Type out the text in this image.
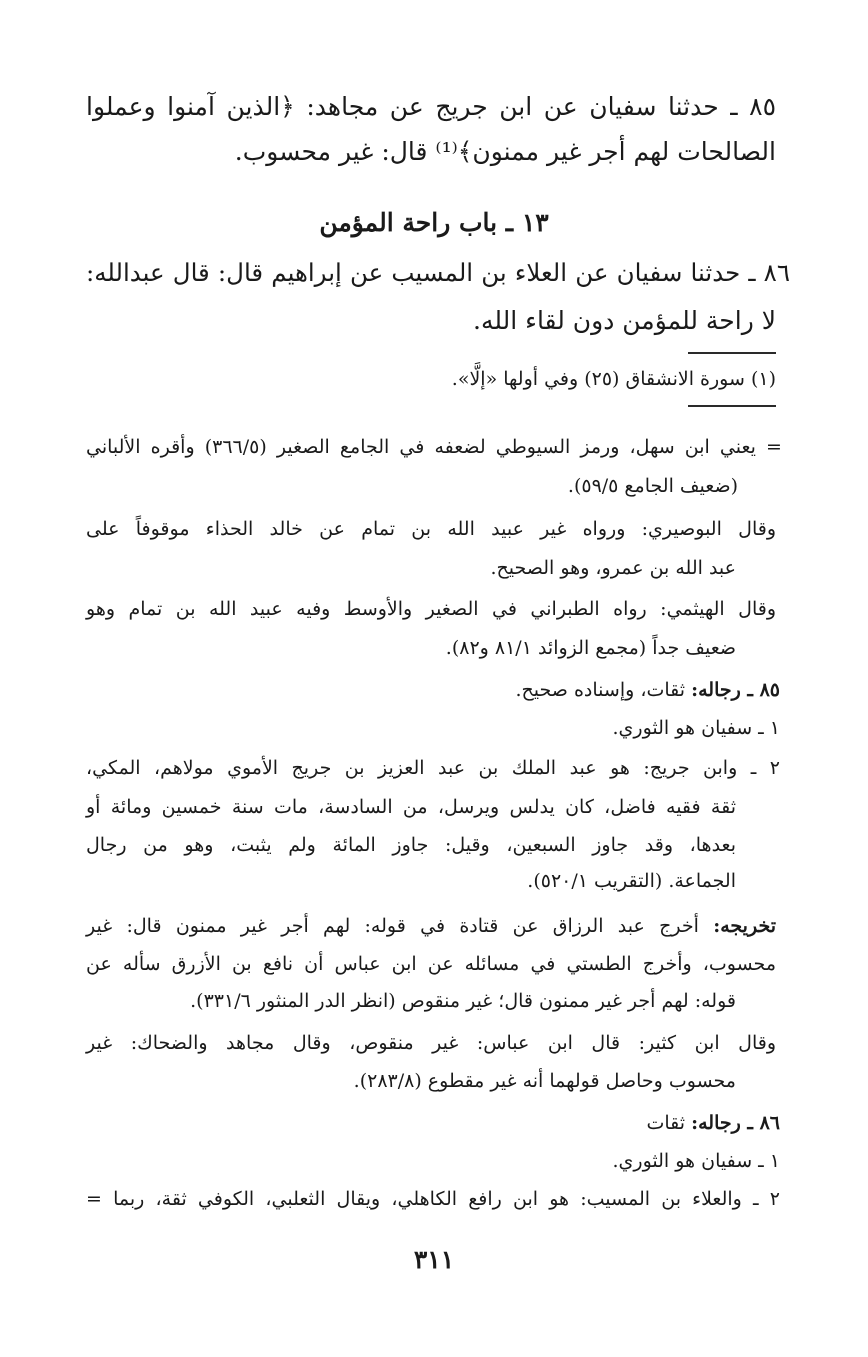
٨٥ ـ حدثنا سفيان عن ابن جريج عن مجاهد: ﴿الذين آمنوا وعملوا
الصالحات لهم أجر غير ممنون﴾⁽¹⁾ قال: غير محسوب.
١٣ ـ باب راحة المؤمن
٨٦ ـ حدثنا سفيان عن العلاء بن المسيب عن إبراهيم قال: قال عبدالله:
لا راحة للمؤمن دون لقاء الله.
(١) سورة الانشقاق (٢٥) وفي أولها «إلَّا».
= يعني ابن سهل، ورمز السيوطي لضعفه في الجامع الصغير (٣٦٦/٥) وأقره الألباني
(ضعيف الجامع ٥٩/٥).
وقال البوصيري: ورواه غير عبيد الله بن تمام عن خالد الحذاء موقوفاً على
عبد الله بن عمرو، وهو الصحيح.
وقال الهيثمي: رواه الطبراني في الصغير والأوسط وفيه عبيد الله بن تمام وهو
ضعيف جداً (مجمع الزوائد ٨١/١ و٨٢).
٨٥ ـ رجاله: ثقات، وإسناده صحيح.
١ ـ سفيان هو الثوري.
٢ ـ وابن جريج: هو عبد الملك بن عبد العزيز بن جريج الأموي مولاهم، المكي،
ثقة فقيه فاضل، كان يدلس ويرسل، من السادسة، مات سنة خمسين ومائة أو
بعدها، وقد جاوز السبعين، وقيل: جاوز المائة ولم يثبت، وهو من رجال
الجماعة. (التقريب ٥٢٠/١).
تخريجه: أخرج عبد الرزاق عن قتادة في قوله: لهم أجر غير ممنون قال: غير
محسوب، وأخرج الطستي في مسائله عن ابن عباس أن نافع بن الأزرق سأله عن
قوله: لهم أجر غير ممنون قال؛ غير منقوص (انظر الدر المنثور ٣٣١/٦).
وقال ابن كثير: قال ابن عباس: غير منقوص، وقال مجاهد والضحاك: غير
محسوب وحاصل قولهما أنه غير مقطوع (٢٨٣/٨).
٨٦ ـ رجاله: ثقات
١ ـ سفيان هو الثوري.
٢ ـ والعلاء بن المسيب: هو ابن رافع الكاهلي، ويقال الثعلبي، الكوفي ثقة، ربما =
٣١١
